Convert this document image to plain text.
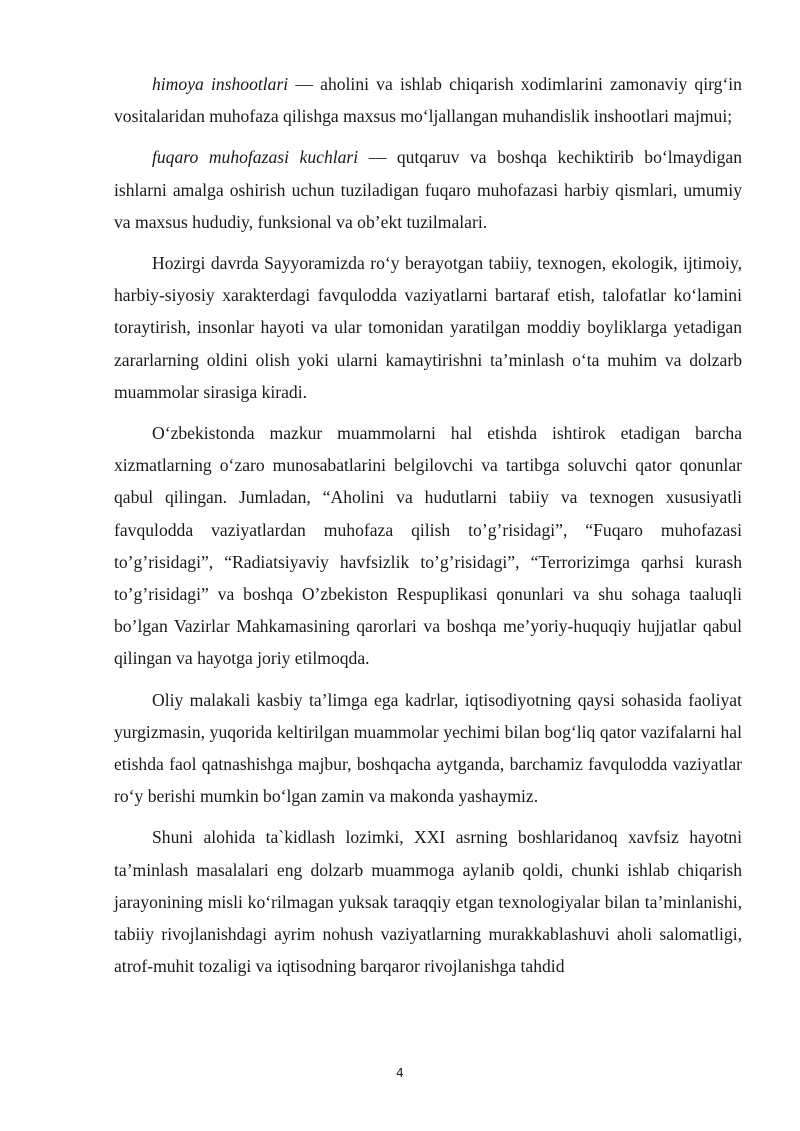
himoya inshootlari — aholini va ishlab chiqarish xodimlarini zamonaviy qirg‘in vositalaridan muhofaza qilishga maxsus mo‘ljallangan muhandislik inshootlari majmui;

fuqaro muhofazasi kuchlari — qutqaruv va boshqa kechiktirib bo‘lmaydigan ishlarni amalga oshirish uchun tuziladigan fuqaro muhofazasi harbiy qismlari, umumiy va maxsus hududiy, funksional va ob’ekt tuzilmalari.

Hozirgi davrda Sayyoramizda ro‘y berayotgan tabiiy, texnogen, ekologik, ijtimoiy, harbiy-siyosiy xarakterdagi favqulodda vaziyatlarni bartaraf etish, talofatlar ko‘lamini toraytirish, insonlar hayoti va ular tomonidan yaratilgan moddiy boyliklarga yetadigan zararlarning oldini olish yoki ularni kamaytirishni ta’minlash o‘ta muhim va dolzarb muammolar sirasiga kiradi.

O‘zbekistonda mazkur muammolarni hal etishda ishtirok etadigan barcha xizmatlarning o‘zaro munosabatlarini belgilovchi va tartibga soluvchi qator qonunlar qabul qilingan. Jumladan, “Aholini va hudutlarni tabiiy va texnogen xususiyatli favqulodda vaziyatlardan muhofaza qilish to’g’risidagi”, “Fuqaro muhofazasi to’g’risidagi”, “Radiatsiyaviy havfsizlik to’g’risidagi”, “Terrorizimga qarhsi kurash to’g’risidagi” va boshqa O’zbekiston Respuplikasi qonunlari va shu sohaga taaluqli bo’lgan Vazirlar Mahkamasining qarorlari va boshqa me’yoriy-huquqiy hujjatlar qabul qilingan va hayotga joriy etilmoqda.

Oliy malakali kasbiy ta’limga ega kadrlar, iqtisodiyotning qaysi sohasida faoliyat yurgizmasin, yuqorida keltirilgan muammolar yechimi bilan bog‘liq qator vazifalarni hal etishda faol qatnashishga majbur, boshqacha aytganda, barchamiz favqulodda vaziyatlar ro‘y berishi mumkin bo‘lgan zamin va makonda yashaymiz.

Shuni alohida ta`kidlash lozimki, XXI asrning boshlaridanoq xavfsiz hayotni ta’minlash masalalari eng dolzarb muammoga aylanib qoldi, chunki ishlab chiqarish jarayonining misli ko‘rilmagan yuksak taraqqiy etgan texnologiyalar bilan ta’minlanishi, tabiiy rivojlanishdagi ayrim nohush vaziyatlarning murakkablashuvi aholi salomatligi, atrof-muhit tozaligi va iqtisodning barqaror rivojlanishga tahdid

4
